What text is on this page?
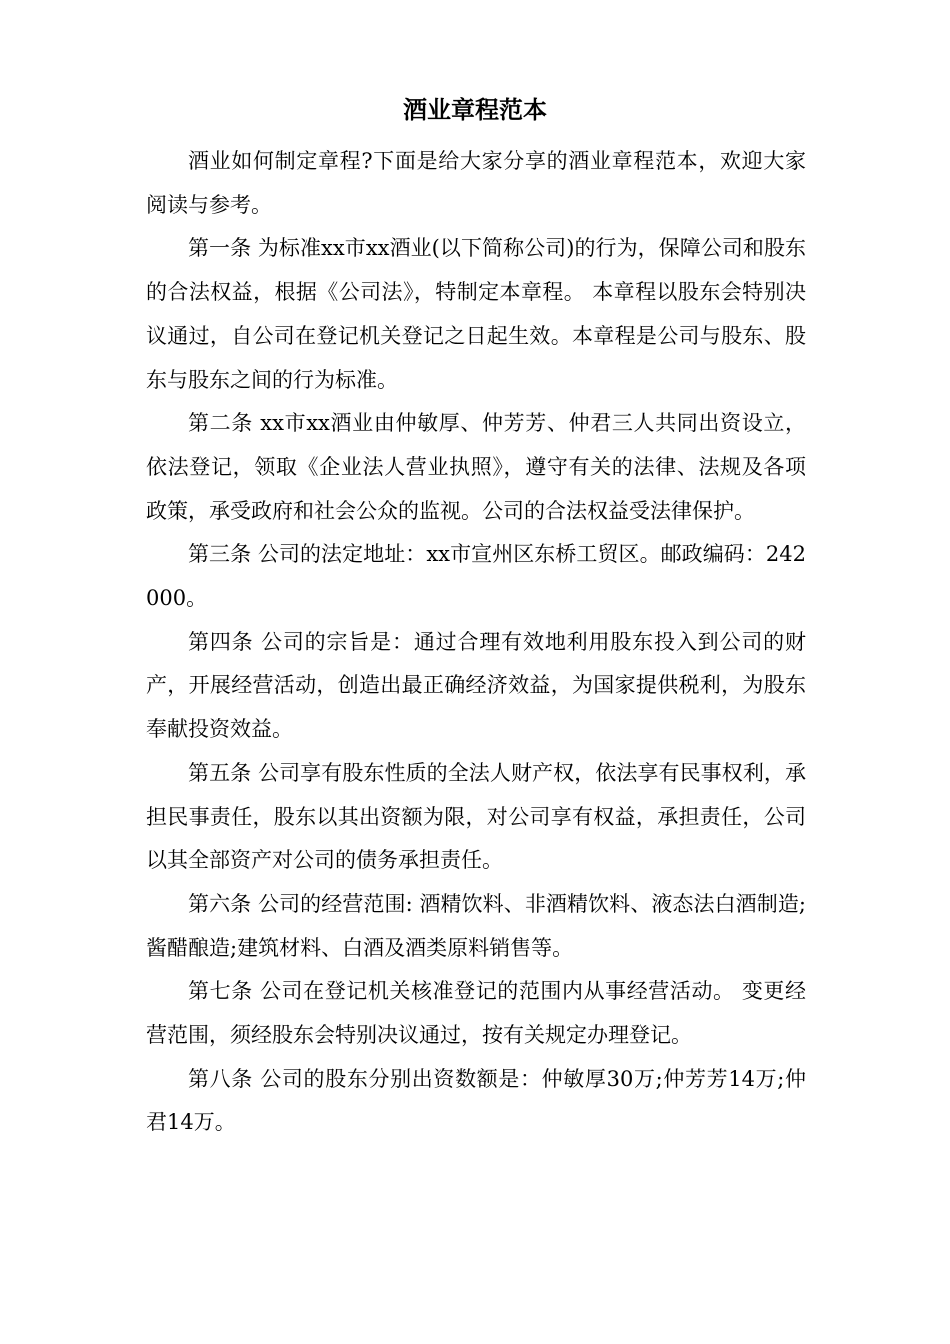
酒业章程范本

酒业如何制定章程?下面是给大家分享的酒业章程范本，欢迎大家阅读与参考。

第一条 为标准xx市xx酒业(以下简称公司)的行为，保障公司和股东的合法权益，根据《公司法》，特制定本章程。 本章程以股东会特别决议通过，自公司在登记机关登记之日起生效。本章程是公司与股东、股东与股东之间的行为标准。

第二条 xx市xx酒业由仲敏厚、仲芳芳、仲君三人共同出资设立，依法登记，领取《企业法人营业执照》，遵守有关的法律、法规及各项政策，承受政府和社会公众的监视。公司的合法权益受法律保护。

第三条 公司的法定地址：xx市宣州区东桥工贸区。邮政编码：242000。

第四条 公司的宗旨是：通过合理有效地利用股东投入到公司的财产，开展经营活动，创造出最正确经济效益，为国家提供税利，为股东奉献投资效益。

第五条 公司享有股东性质的全法人财产权，依法享有民事权利，承担民事责任，股东以其出资额为限，对公司享有权益，承担责任，公司以其全部资产对公司的债务承担责任。

第六条 公司的经营范围: 酒精饮料、非酒精饮料、液态法白酒制造;酱醋酿造;建筑材料、白酒及酒类原料销售等。

第七条 公司在登记机关核准登记的范围内从事经营活动。 变更经营范围，须经股东会特别决议通过，按有关规定办理登记。

第八条 公司的股东分别出资数额是：仲敏厚30万;仲芳芳14万;仲君14万。
